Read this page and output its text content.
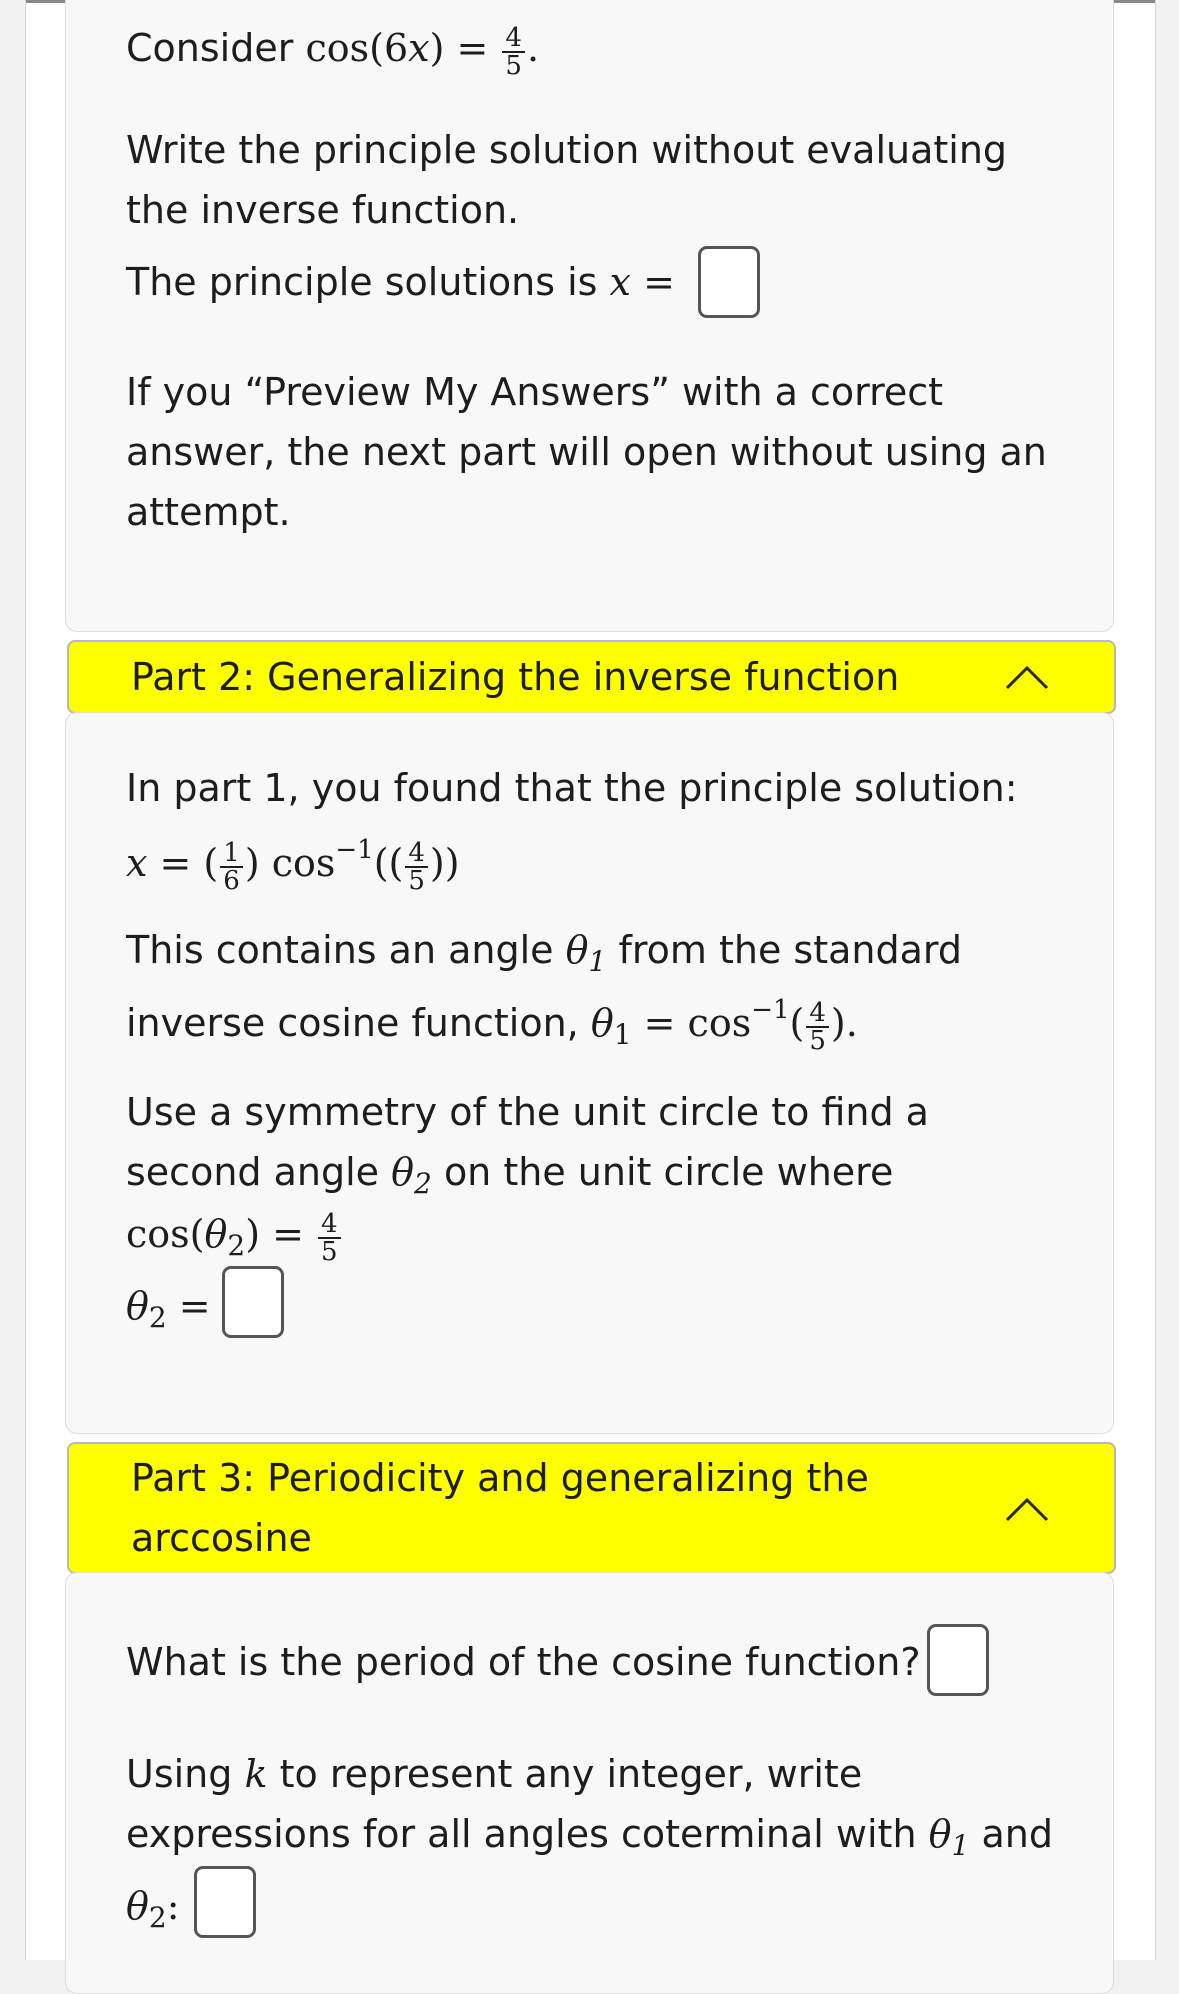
Consider $\cos(6x) = \frac{4}{5}$ .
Write the principle solution without evaluating
the inverse function.
The principle solutions is x =
If you “Preview My Answers” with a correct
answer, the next part will open without using an
attempt.
Part 2: Generalizing the inverse function
In part 1, you found that the principle solution:
x = ( $\frac{1}{6}$ ) $\cos^{-1}(( \frac{4}{5}$ ))
This contains an angle $\theta_1$ from the standard
inverse cosine function, $\theta_1 = \cos^{-1}( \frac{4}{5}$ ).
Use a symmetry of the unit circle to find a
second angle $\theta_2$ on the unit circle where
$\cos(\theta_2) = \frac{4}{5}$
$\theta_2$ =
Part 3: Periodicity and generalizing the
arccosine
What is the period of the cosine function?
Using k to represent any integer, write
expressions for all angles coterminal with $\theta_1$ and
$\theta_2$:
